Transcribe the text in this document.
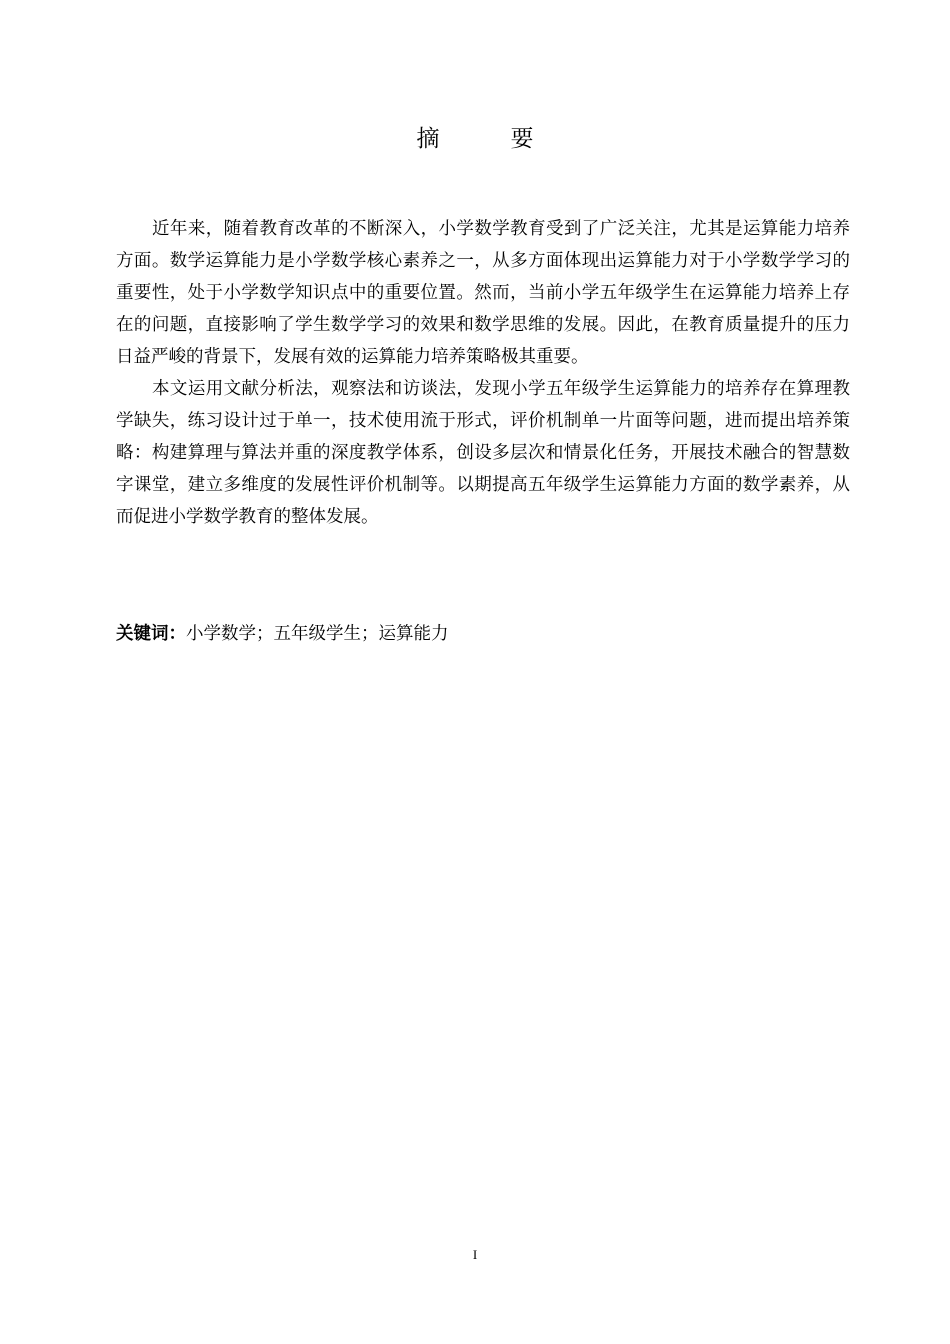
摘　要

近年来，随着教育改革的不断深入，小学数学教育受到了广泛关注，尤其是运算能力培养方面。数学运算能力是小学数学核心素养之一，从多方面体现出运算能力对于小学数学学习的重要性，处于小学数学知识点中的重要位置。然而，当前小学五年级学生在运算能力培养上存在的问题，直接影响了学生数学学习的效果和数学思维的发展。因此，在教育质量提升的压力日益严峻的背景下，发展有效的运算能力培养策略极其重要。

本文运用文献分析法，观察法和访谈法，发现小学五年级学生运算能力的培养存在算理教学缺失，练习设计过于单一，技术使用流于形式，评价机制单一片面等问题，进而提出培养策略：构建算理与算法并重的深度教学体系，创设多层次和情景化任务，开展技术融合的智慧数字课堂，建立多维度的发展性评价机制等。以期提高五年级学生运算能力方面的数学素养，从而促进小学数学教育的整体发展。

关键词：小学数学；五年级学生；运算能力

I
